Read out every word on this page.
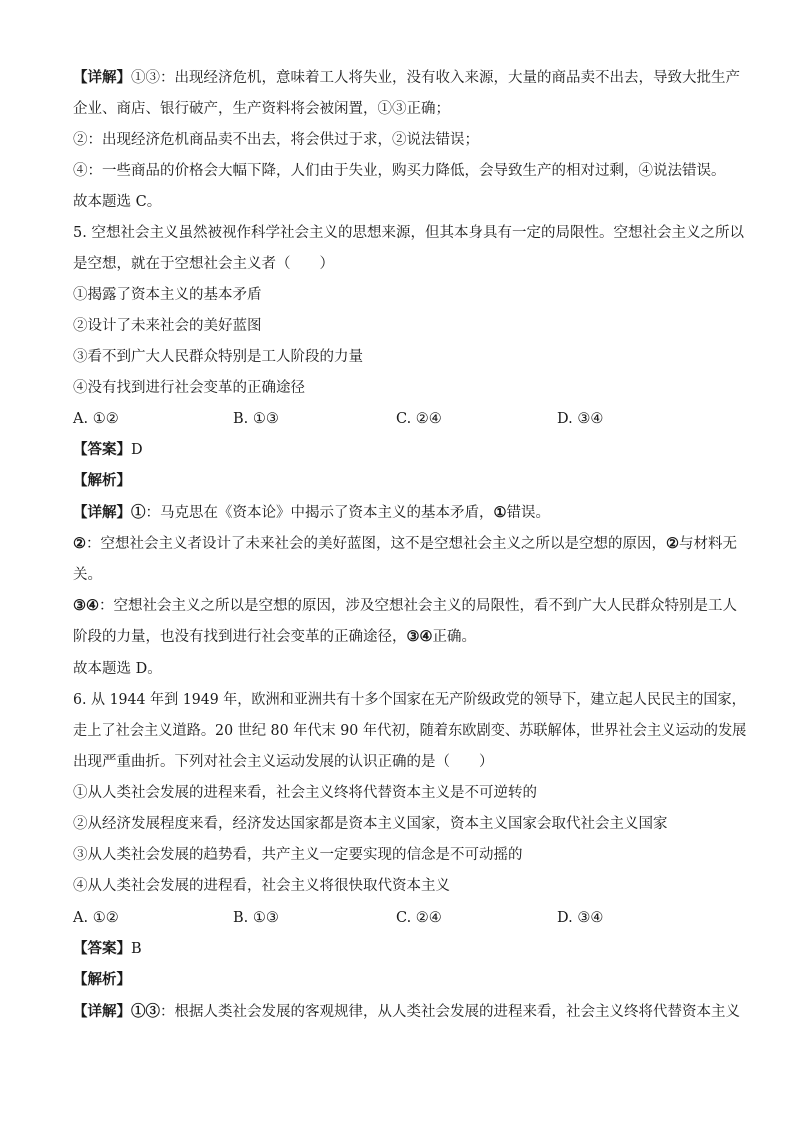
【详解】①③：出现经济危机，意味着工人将失业，没有收入来源，大量的商品卖不出去，导致大批生产
企业、商店、银行破产，生产资料将会被闲置，①③正确；
②：出现经济危机商品卖不出去，将会供过于求，②说法错误；
④：一些商品的价格会大幅下降，人们由于失业，购买力降低，会导致生产的相对过剩，④说法错误。
故本题选 C。
5. 空想社会主义虽然被视作科学社会主义的思想来源，但其本身具有一定的局限性。空想社会主义之所以
是空想，就在于空想社会主义者（　　）
①揭露了资本主义的基本矛盾
②设计了未来社会的美好蓝图
③看不到广大人民群众特别是工人阶段的力量
④没有找到进行社会变革的正确途径
A. ①②	B. ①③	C. ②④	D. ③④
【答案】D
【解析】
【详解】①：马克思在《资本论》中揭示了资本主义的基本矛盾，①错误。
②：空想社会主义者设计了未来社会的美好蓝图，这不是空想社会主义之所以是空想的原因，②与材料无
关。
③④：空想社会主义之所以是空想的原因，涉及空想社会主义的局限性，看不到广大人民群众特别是工人
阶段的力量，也没有找到进行社会变革的正确途径，③④正确。
故本题选 D。
6. 从 1944 年到 1949 年，欧洲和亚洲共有十多个国家在无产阶级政党的领导下，建立起人民民主的国家，
走上了社会主义道路。20 世纪 80 年代末 90 年代初，随着东欧剧变、苏联解体，世界社会主义运动的发展
出现严重曲折。下列对社会主义运动发展的认识正确的是（　　）
①从人类社会发展的进程来看，社会主义终将代替资本主义是不可逆转的
②从经济发展程度来看，经济发达国家都是资本主义国家，资本主义国家会取代社会主义国家
③从人类社会发展的趋势看，共产主义一定要实现的信念是不可动摇的
④从人类社会发展的进程看，社会主义将很快取代资本主义
A. ①②	B. ①③	C. ②④	D. ③④
【答案】B
【解析】
【详解】①③：根据人类社会发展的客观规律，从人类社会发展的进程来看，社会主义终将代替资本主义
